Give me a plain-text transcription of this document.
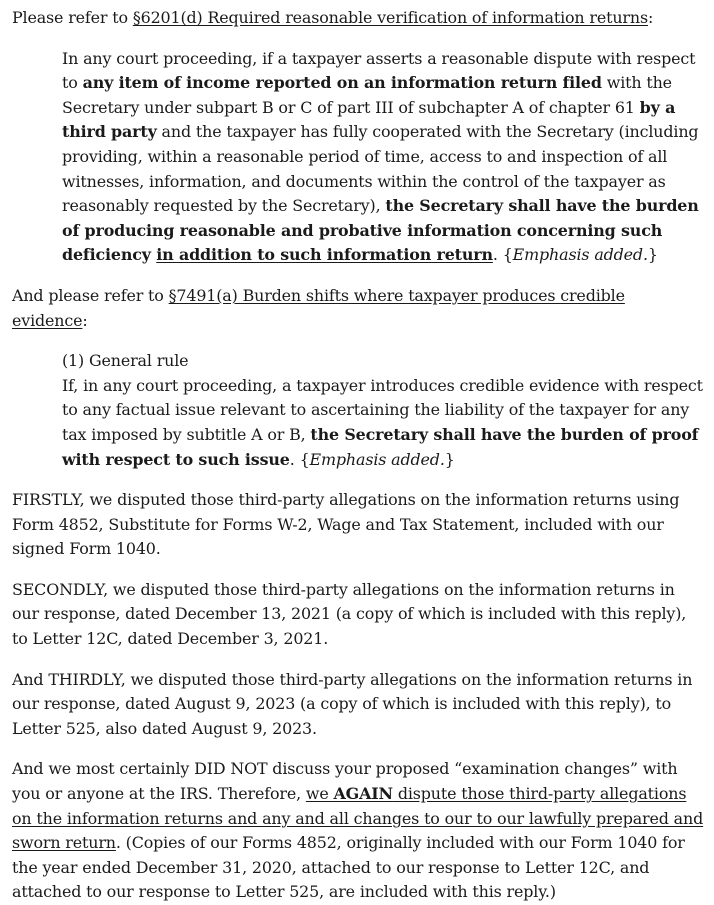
Please refer to §6201(d) Required reasonable verification of information returns:

In any court proceeding, if a taxpayer asserts a reasonable dispute with respect to any item of income reported on an information return filed with the Secretary under subpart B or C of part III of subchapter A of chapter 61 by a third party and the taxpayer has fully cooperated with the Secretary (including providing, within a reasonable period of time, access to and inspection of all witnesses, information, and documents within the control of the taxpayer as reasonably requested by the Secretary), the Secretary shall have the burden of producing reasonable and probative information concerning such deficiency in addition to such information return. {Emphasis added.}

And please refer to §7491(a) Burden shifts where taxpayer produces credible evidence:

(1) General rule

If, in any court proceeding, a taxpayer introduces credible evidence with respect to any factual issue relevant to ascertaining the liability of the taxpayer for any tax imposed by subtitle A or B, the Secretary shall have the burden of proof with respect to such issue. {Emphasis added.}

FIRSTLY, we disputed those third-party allegations on the information returns using Form 4852, Substitute for Forms W-2, Wage and Tax Statement, included with our signed Form 1040.

SECONDLY, we disputed those third-party allegations on the information returns in our response, dated December 13, 2021 (a copy of which is included with this reply), to Letter 12C, dated December 3, 2021.

And THIRDLY, we disputed those third-party allegations on the information returns in our response, dated August 9, 2023 (a copy of which is included with this reply), to Letter 525, also dated August 9, 2023.

And we most certainly DID NOT discuss your proposed “examination changes” with you or anyone at the IRS. Therefore, we AGAIN dispute those third-party allegations on the information returns and any and all changes to our to our lawfully prepared and sworn return. (Copies of our Forms 4852, originally included with our Form 1040 for the year ended December 31, 2020, attached to our response to Letter 12C, and attached to our response to Letter 525, are included with this reply.)
